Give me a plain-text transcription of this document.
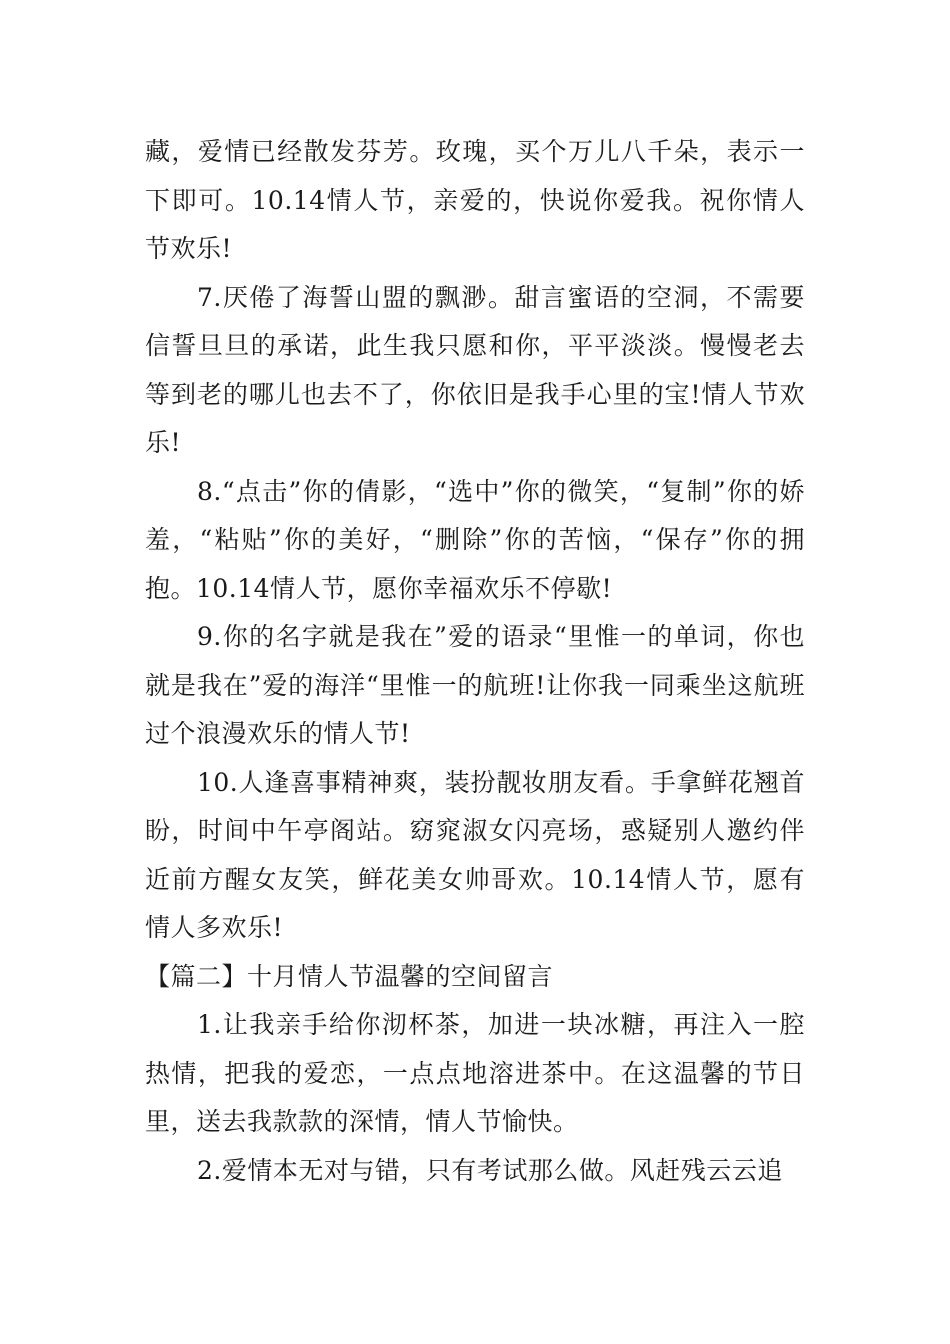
藏，爱情已经散发芬芳。玫瑰，买个万儿八千朵，表示一下即可。10.14情人节，亲爱的，快说你爱我。祝你情人节欢乐!

7.厌倦了海誓山盟的飘渺。甜言蜜语的空洞，不需要信誓旦旦的承诺，此生我只愿和你，平平淡淡。慢慢老去等到老的哪儿也去不了，你依旧是我手心里的宝!情人节欢乐!

8.“点击”你的倩影，“选中”你的微笑，“复制”你的娇羞，“粘贴”你的美好，“删除”你的苦恼，“保存”你的拥抱。10.14情人节，愿你幸福欢乐不停歇!

9.你的名字就是我在”爱的语录“里惟一的单词，你也就是我在”爱的海洋“里惟一的航班!让你我一同乘坐这航班过个浪漫欢乐的情人节!

10.人逢喜事精神爽，装扮靓妆朋友看。手拿鲜花翘首盼，时间中午亭阁站。窈窕淑女闪亮场，惑疑别人邀约伴近前方醒女友笑，鲜花美女帅哥欢。10.14情人节，愿有情人多欢乐!

【篇二】十月情人节温馨的空间留言

1.让我亲手给你沏杯茶，加进一块冰糖，再注入一腔热情，把我的爱恋，一点点地溶进茶中。在这温馨的节日里，送去我款款的深情，情人节愉快。

2.爱情本无对与错，只有考试那么做。风赶残云云追
